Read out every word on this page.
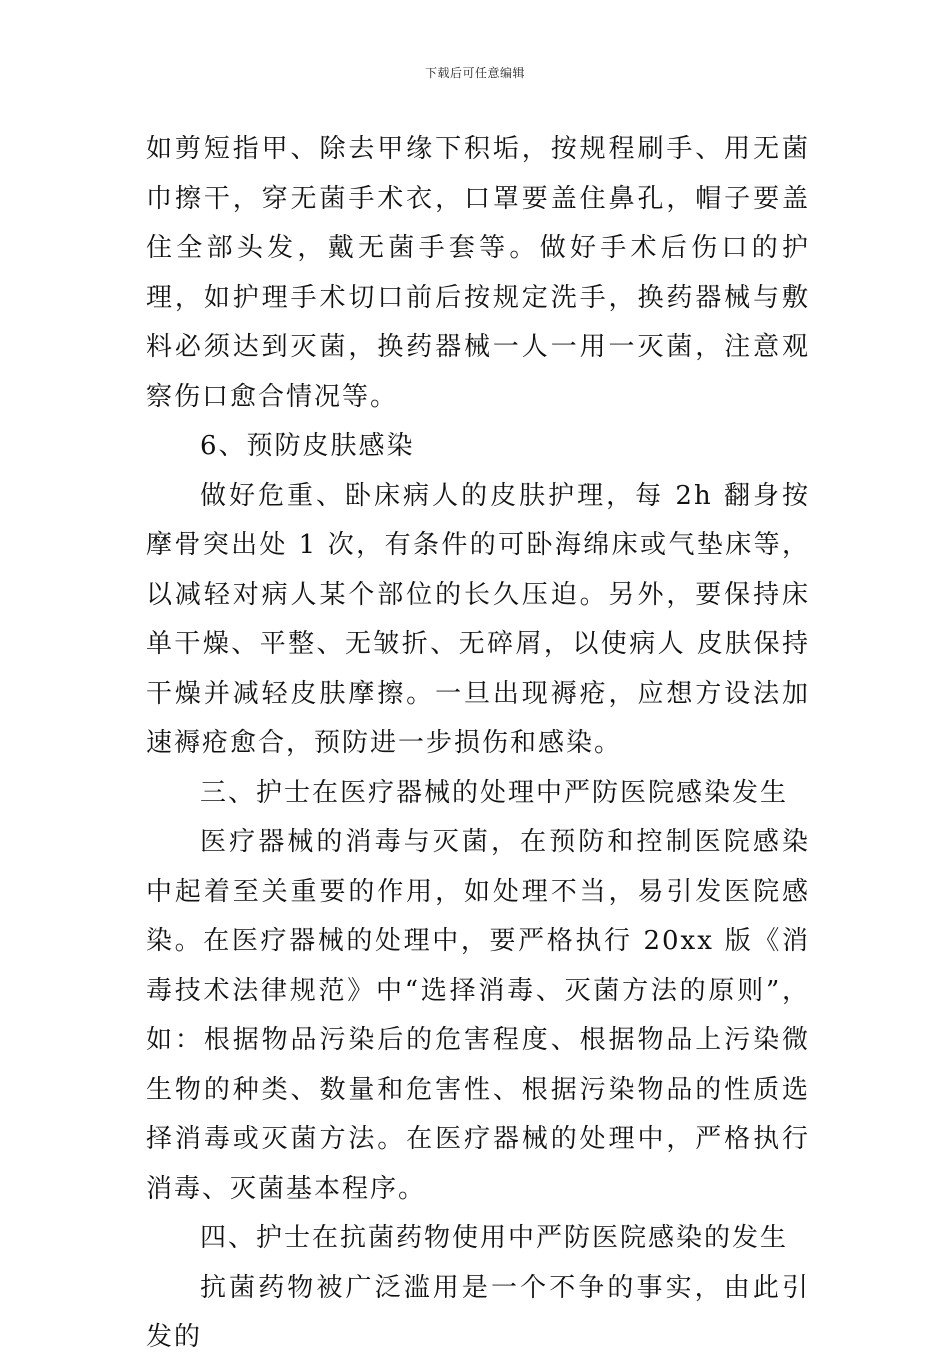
下载后可任意编辑

如剪短指甲、除去甲缘下积垢，按规程刷手、用无菌巾擦干，穿无菌手术衣，口罩要盖住鼻孔，帽子要盖住全部头发，戴无菌手套等。做好手术后伤口的护理，如护理手术切口前后按规定洗手，换药器械与敷料必须达到灭菌，换药器械一人一用一灭菌，注意观察伤口愈合情况等。

6、预防皮肤感染

做好危重、卧床病人的皮肤护理，每 2h 翻身按摩骨突出处 1 次，有条件的可卧海绵床或气垫床等，以减轻对病人某个部位的长久压迫。另外，要保持床单干燥、平整、无皱折、无碎屑，以使病人 皮肤保持干燥并减轻皮肤摩擦。一旦出现褥疮，应想方设法加速褥疮愈合，预防进一步损伤和感染。

三、护士在医疗器械的处理中严防医院感染发生

医疗器械的消毒与灭菌，在预防和控制医院感染中起着至关重要的作用，如处理不当，易引发医院感染。在医疗器械的处理中，要严格执行 20xx 版《消毒技术法律规范》中“选择消毒、灭菌方法的原则”，如：根据物品污染后的危害程度、根据物品上污染微生物的种类、数量和危害性、根据污染物品的性质选择消毒或灭菌方法。在医疗器械的处理中，严格执行消毒、灭菌基本程序。

四、护士在抗菌药物使用中严防医院感染的发生

抗菌药物被广泛滥用是一个不争的事实，由此引发的
